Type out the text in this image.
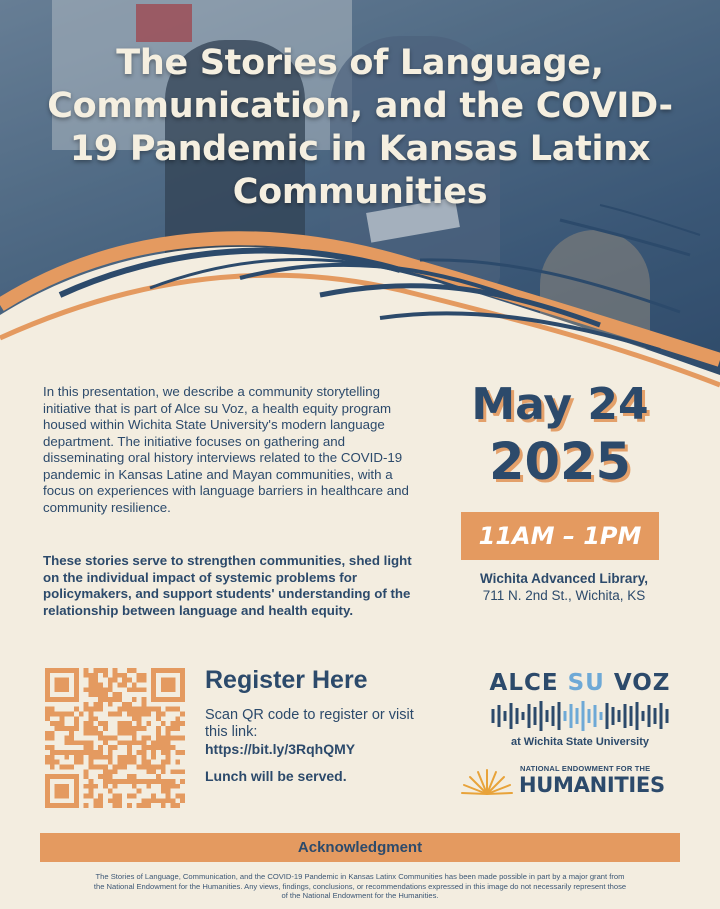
The Stories of Language, Communication, and the COVID-19 Pandemic in Kansas Latinx Communities

In this presentation, we describe a community storytelling initiative that is part of Alce su Voz, a health equity program housed within Wichita State University's modern language department. The initiative focuses on gathering and disseminating oral history interviews related to the COVID-19 pandemic in Kansas Latine and Mayan communities, with a focus on experiences with language barriers in healthcare and community resilience.

These stories serve to strengthen communities, shed light on the individual impact of systemic problems for policymakers, and support students' understanding of the relationship between language and health equity.

May 24
2025
11AM – 1PM
Wichita Advanced Library,
711 N. 2nd St., Wichita, KS
Register Here
Scan QR code to register or visit this link:
https://bit.ly/3RqhQMY
Lunch will be served.
ALCE SU VOZ
at Wichita State University
NATIONAL ENDOWMENT FOR THE
HUMANITIES
Acknowledgment

The Stories of Language, Communication, and the COVID-19 Pandemic in Kansas Latinx Communities has been made possible in part by a major grant from the National Endowment for the Humanities. Any views, findings, conclusions, or recommendations expressed in this image do not necessarily represent those of the National Endowment for the Humanities.
